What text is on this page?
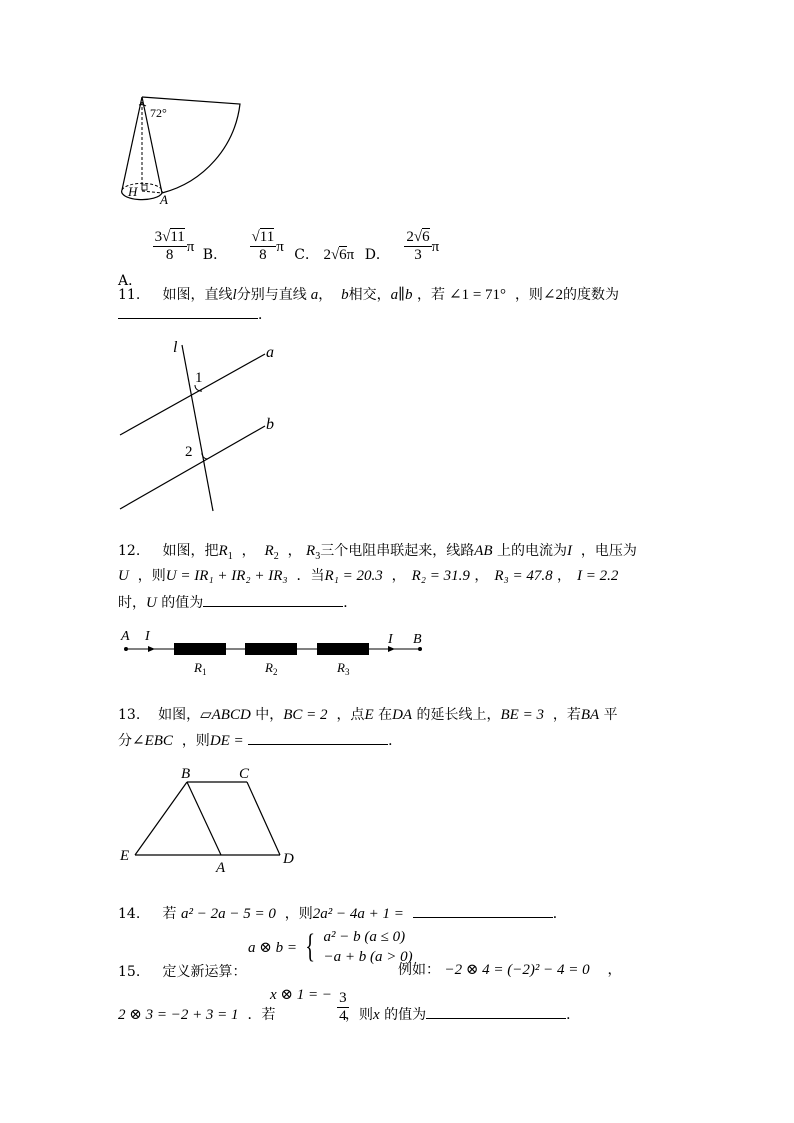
72°
H
A
A．
$\frac{3√11}{8}$ π B． $\frac{√11}{8}$ π C． 2√6π D． $\frac{2√6}{3}$ π
11. 如图，直线l分别与直线 a， b相交，a∥b ，若 ∠1 = 71° ，则∠2的度数为
．
l	a
b
1
2
12. 如图，把$R_1$  ，  $R_2$  ， $R_3$三个电阻串联起来，线路AB 上的电流为I ，电压为
U ，则U = IR₁ + IR₂ + IR₃ ．当R₁ = 20.3  ， R₂ = 31.9 ， R₃ = 47.8 ， I = 2.2
时，U 的值为	．
A I	I B
$R_1$	$R_2$	$R_3$
13. 如图，▱ABCD 中，BC = 2 ，点E 在DA 的延长线上，BE = 3 ，若BA 平
分∠EBC ，则DE =	．
B	C
E
A
D
14. 若 a² − 2a − 5 = 0 ，则2a² − 4a + 1 =	．
15. 定义新运算：
a ⊗ b = { a² − b (a ≤ 0)
−a + b (a > 0)
例如： −2 ⊗ 4 = (−2)² − 4 = 0 ，
2 ⊗ 3 = −2 + 3 = 1 ．若
x ⊗ 1 = − $\frac{3}{4}$
，则x 的值为	．
